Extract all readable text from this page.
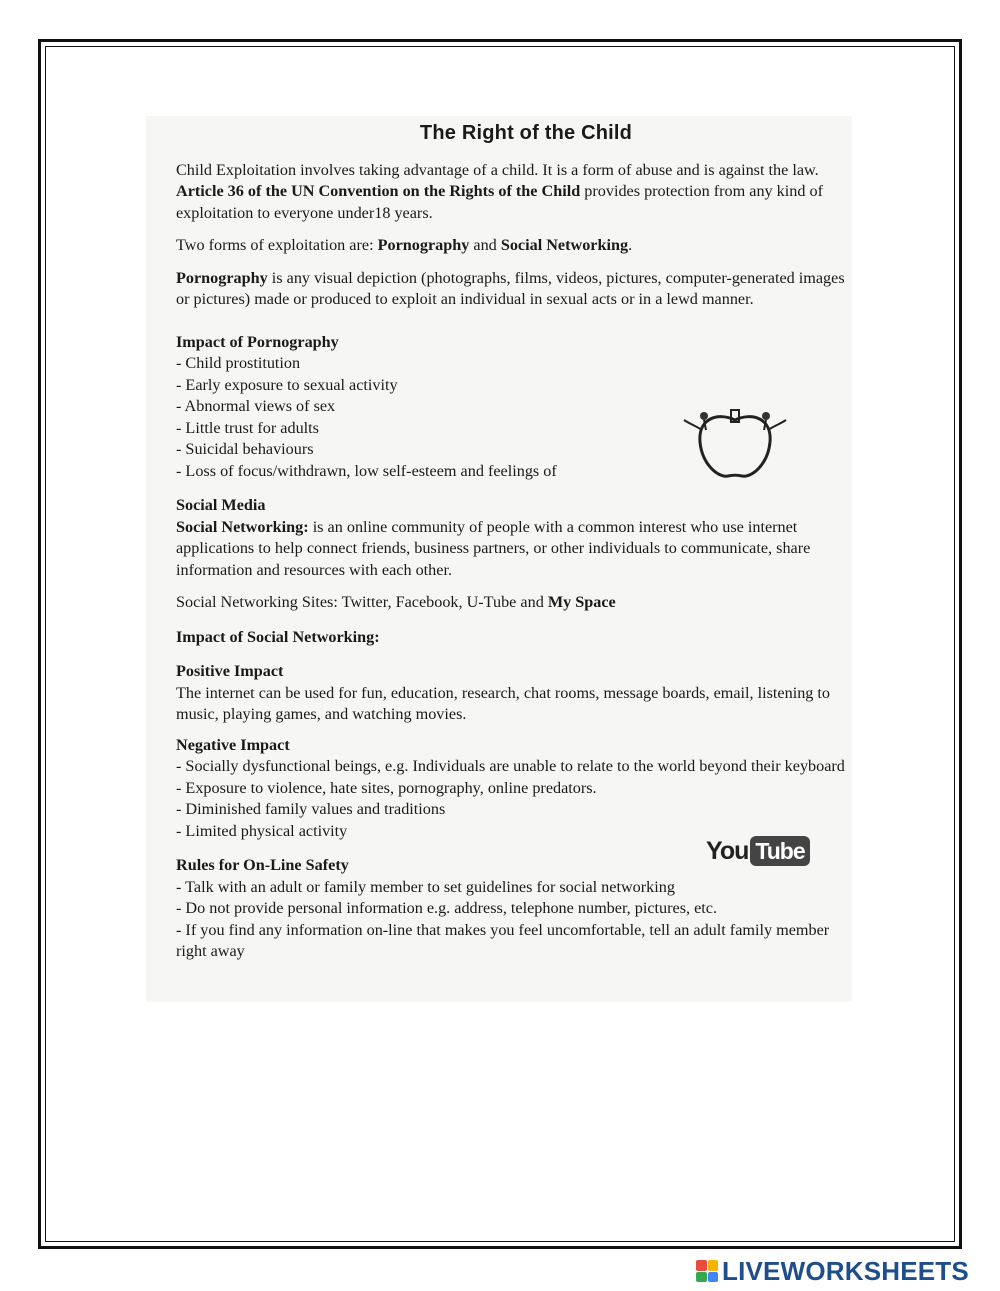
The Right of the Child

Child Exploitation involves taking advantage of a child. It is a form of abuse and is against the law. Article 36 of the UN Convention on the Rights of the Child provides protection from any kind of exploitation to everyone under18 years.

Two forms of exploitation are: Pornography and Social Networking.

Pornography is any visual depiction (photographs, films, videos, pictures, computer-generated images or pictures) made or produced to exploit an individual in sexual acts or in a lewd manner.

Impact of Pornography
- Child prostitution
- Early exposure to sexual activity
- Abnormal views of sex
- Little trust for adults
- Suicidal behaviours
- Loss of focus/withdrawn, low self-esteem and feelings of
Social Media
Social Networking: is an online community of people with a common interest who use internet applications to help connect friends, business partners, or other individuals to communicate, share information and resources with each other.

Social Networking Sites: Twitter, Facebook, U-Tube and My Space

Impact of Social Networking:

Positive Impact
The internet can be used for fun, education, research, chat rooms, message boards, email, listening to music, playing games, and watching movies.
Negative Impact
- Socially dysfunctional beings, e.g. Individuals are unable to relate to the world beyond their keyboard
- Exposure to violence, hate sites, pornography, online predators.
- Diminished family values and traditions
- Limited physical activity
Rules for On-Line Safety
- Talk with an adult or family member to set guidelines for social networking
- Do not provide personal information e.g. address, telephone number, pictures, etc.
- If you find any information on-line that makes you feel uncomfortable, tell an adult family member right away
You Tube
LIVEWORKSHEETS
